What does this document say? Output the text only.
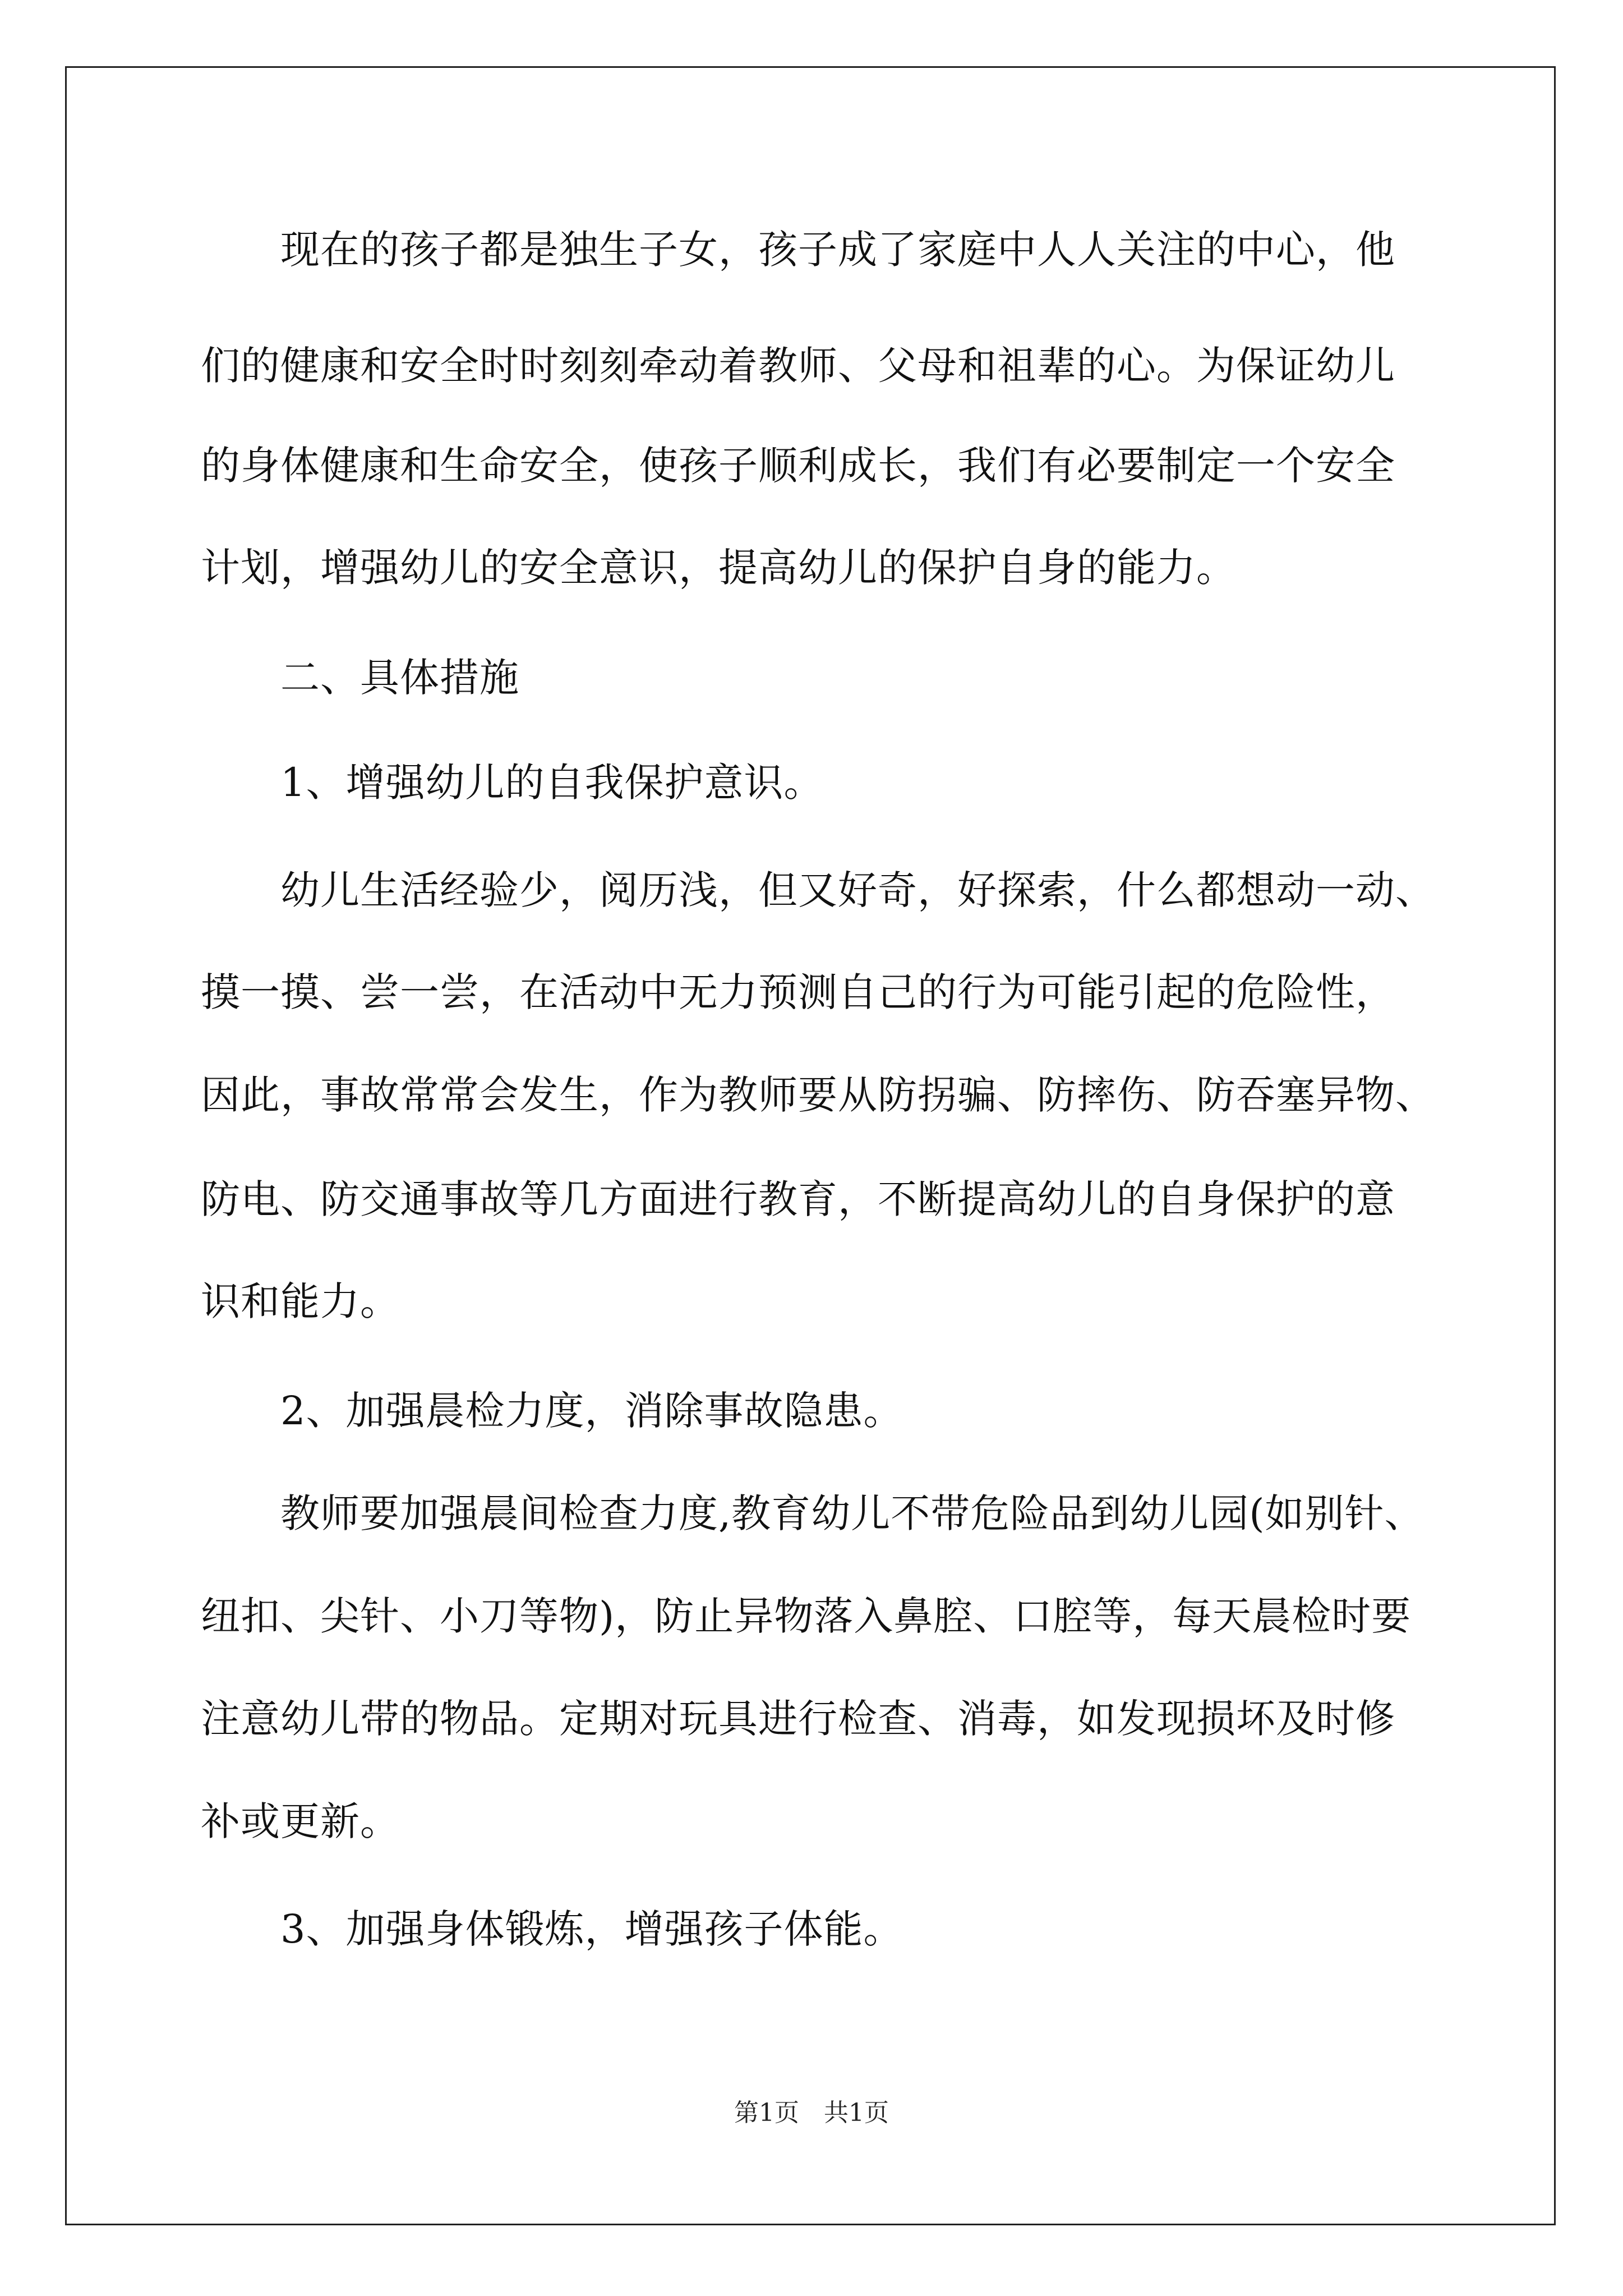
现在的孩子都是独生子女，孩子成了家庭中人人关注的中心，他
们的健康和安全时时刻刻牵动着教师、父母和祖辈的心。为保证幼儿
的身体健康和生命安全，使孩子顺利成长，我们有必要制定一个安全
计划，增强幼儿的安全意识，提高幼儿的保护自身的能力。
二、具体措施
1、增强幼儿的自我保护意识。
幼儿生活经验少，阅历浅，但又好奇，好探索，什么都想动一动、
摸一摸、尝一尝，在活动中无力预测自己的行为可能引起的危险性，
因此，事故常常会发生，作为教师要从防拐骗、防摔伤、防吞塞异物、
防电、防交通事故等几方面进行教育，不断提高幼儿的自身保护的意
识和能力。
2、加强晨检力度，消除事故隐患。
教师要加强晨间检查力度,教育幼儿不带危险品到幼儿园(如别针、
纽扣、尖针、小刀等物)，防止异物落入鼻腔、口腔等，每天晨检时要
注意幼儿带的物品。定期对玩具进行检查、消毒，如发现损坏及时修
补或更新。
3、加强身体锻炼，增强孩子体能。
第1页　共1页
